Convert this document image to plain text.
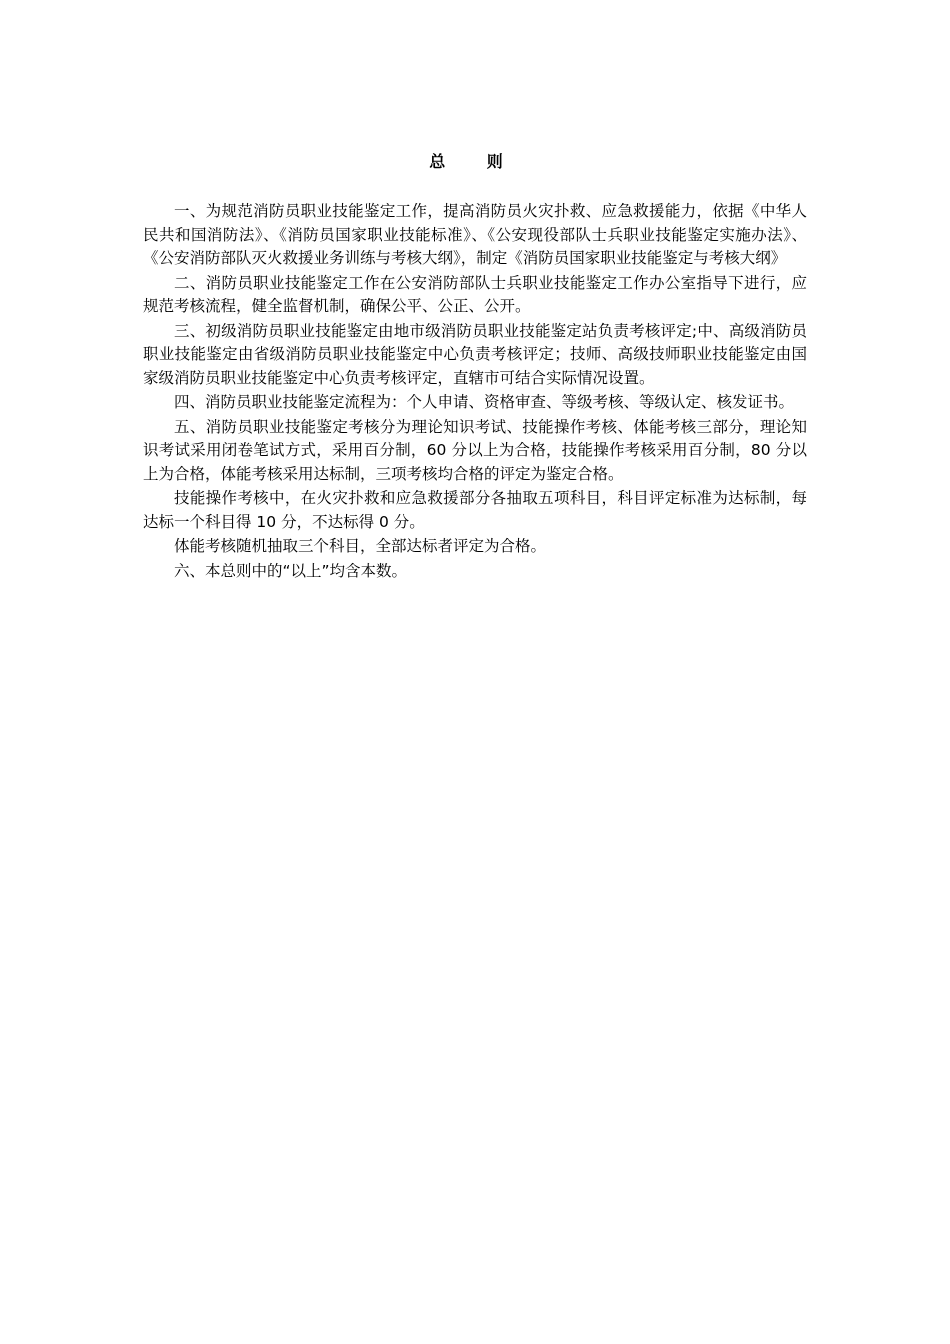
总 则

一、为规范消防员职业技能鉴定工作，提高消防员火灾扑救、应急救援能力，依据《中华人民共和国消防法》、《消防员国家职业技能标准》、《公安现役部队士兵职业技能鉴定实施办法》、《公安消防部队灭火救援业务训练与考核大纲》，制定《消防员国家职业技能鉴定与考核大纲》

二、消防员职业技能鉴定工作在公安消防部队士兵职业技能鉴定工作办公室指导下进行，应规范考核流程，健全监督机制，确保公平、公正、公开。

三、初级消防员职业技能鉴定由地市级消防员职业技能鉴定站负责考核评定;中、高级消防员职业技能鉴定由省级消防员职业技能鉴定中心负责考核评定；技师、高级技师职业技能鉴定由国家级消防员职业技能鉴定中心负责考核评定，直辖市可结合实际情况设置。

四、消防员职业技能鉴定流程为：个人申请、资格审查、等级考核、等级认定、核发证书。

五、消防员职业技能鉴定考核分为理论知识考试、技能操作考核、体能考核三部分，理论知识考试采用闭卷笔试方式，采用百分制，60 分以上为合格，技能操作考核采用百分制，80 分以上为合格，体能考核采用达标制，三项考核均合格的评定为鉴定合格。

技能操作考核中，在火灾扑救和应急救援部分各抽取五项科目，科目评定标准为达标制，每达标一个科目得 10 分，不达标得 0 分。

体能考核随机抽取三个科目，全部达标者评定为合格。

六、本总则中的“以上”均含本数。
